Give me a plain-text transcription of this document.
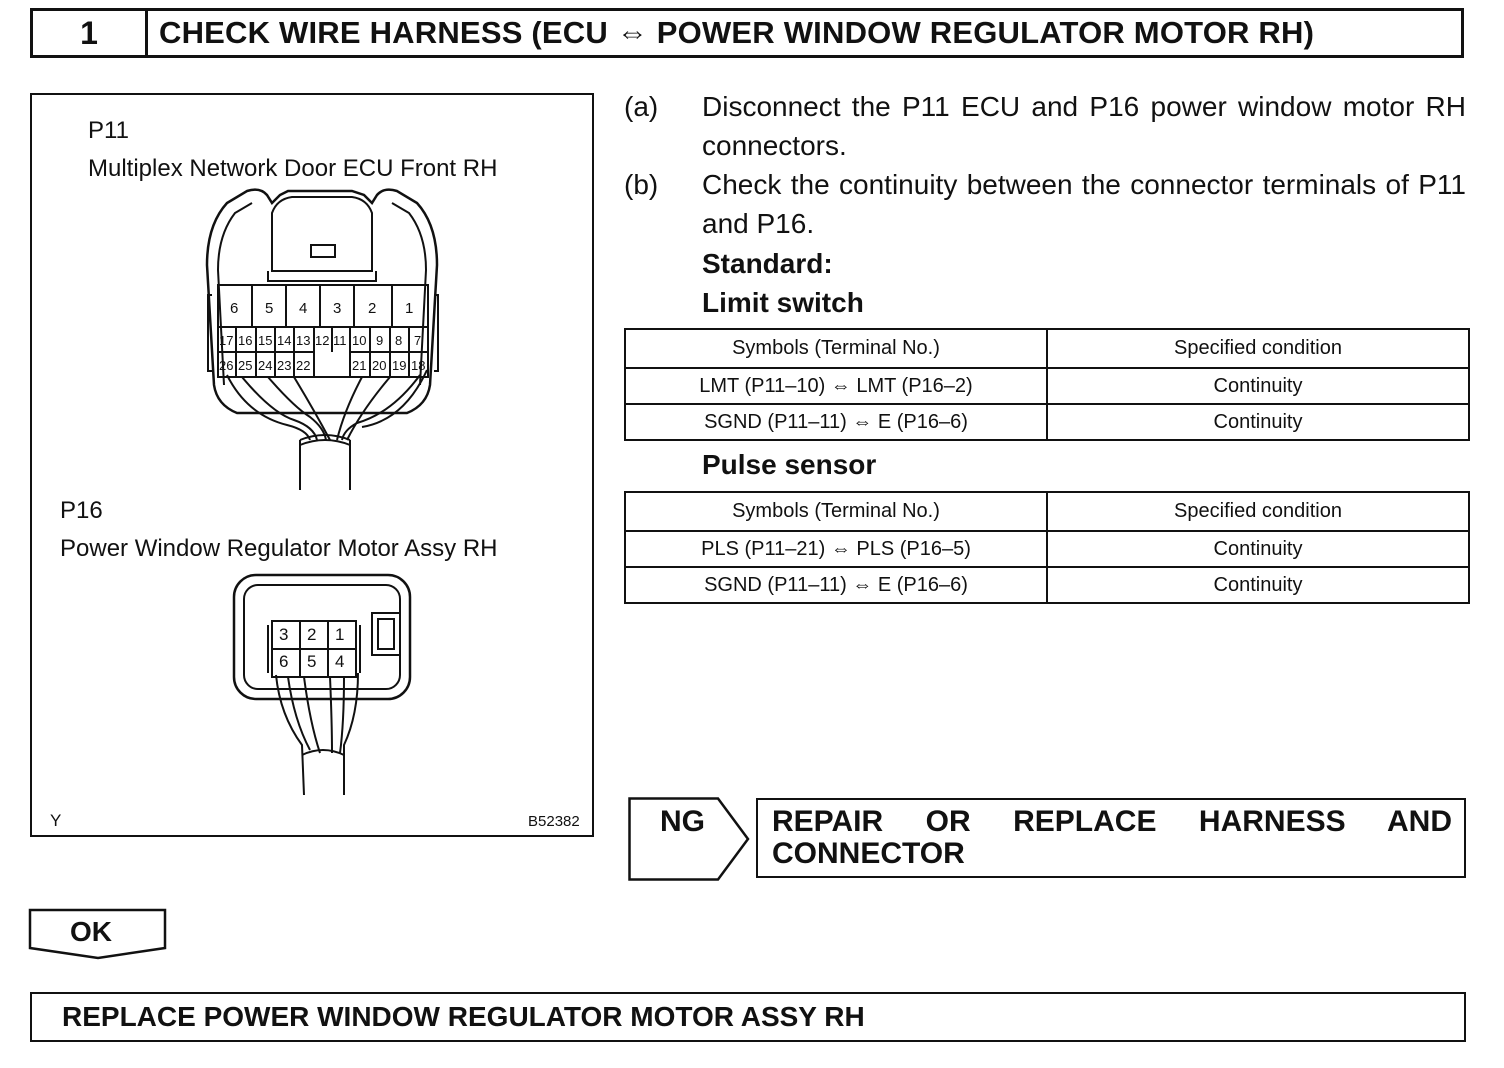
1	CHECK WIRE HARNESS (ECU ⇔ POWER WINDOW REGULATOR MOTOR RH)
P11
Multiplex Network Door ECU Front RH
6 5 4 3 2 1
17 16 15 14 13 12 11 10 9 8 7
26 25 24 23 22	21 20 19 18
P16
Power Window Regulator Motor Assy RH
3 2 1
6 5 4
Y	B52382
(a)	Disconnect the P11 ECU and P16 power window motor RH connectors.
(b)	Check the continuity between the connector terminals of P11 and P16.
Standard:
Limit switch
Symbols (Terminal No.)	Specified condition
LMT (P11–10) ⇔ LMT (P16–2)	Continuity
SGND (P11–11) ⇔ E (P16–6)	Continuity
Pulse sensor
Symbols (Terminal No.)	Specified condition
PLS (P11–21) ⇔ PLS (P16–5)	Continuity
SGND (P11–11) ⇔ E (P16–6)	Continuity
NG REPAIR OR REPLACE HARNESS AND CONNECTOR
OK
REPLACE POWER WINDOW REGULATOR MOTOR ASSY RH
